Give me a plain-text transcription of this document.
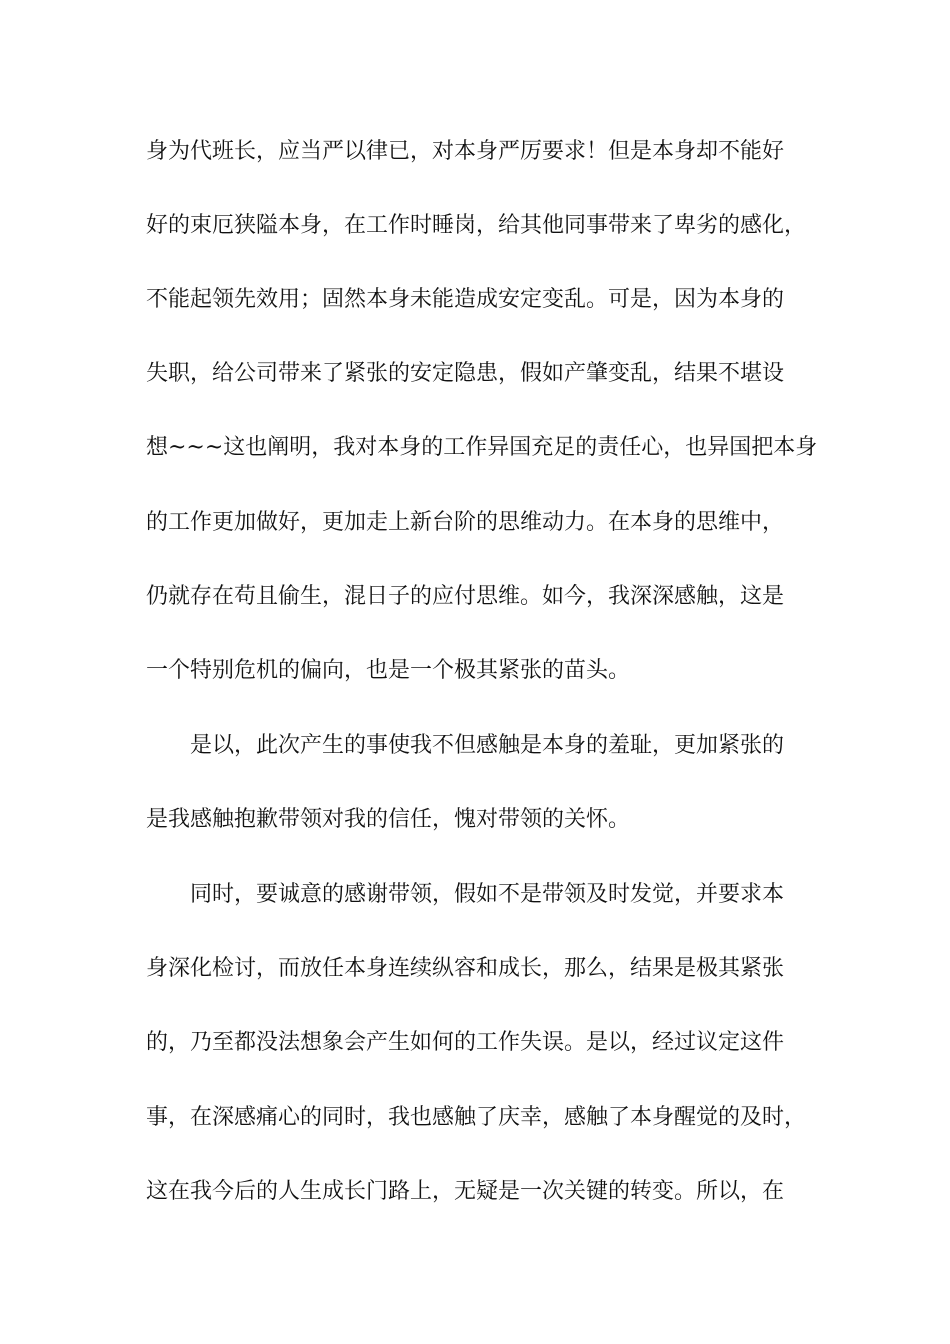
身为代班长，应当严以律已，对本身严厉要求！但是本身却不能好
好的束厄狭隘本身，在工作时睡岗，给其他同事带来了卑劣的感化，
不能起领先效用；固然本身未能造成安定变乱。可是，因为本身的
失职，给公司带来了紧张的安定隐患，假如产肇变乱，结果不堪设
想~~~这也阐明，我对本身的工作异国充足的责任心，也异国把本身
的工作更加做好，更加走上新台阶的思维动力。在本身的思维中，
仍就存在苟且偷生，混日子的应付思维。如今，我深深感触，这是
一个特别危机的偏向，也是一个极其紧张的苗头。
是以，此次产生的事使我不但感触是本身的羞耻，更加紧张的
是我感触抱歉带领对我的信任，愧对带领的关怀。
同时，要诚意的感谢带领，假如不是带领及时发觉，并要求本
身深化检讨，而放任本身连续纵容和成长，那么，结果是极其紧张
的，乃至都没法想象会产生如何的工作失误。是以，经过议定这件
事，在深感痛心的同时，我也感触了庆幸，感触了本身醒觉的及时，
这在我今后的人生成长门路上，无疑是一次关键的转变。所以，在
